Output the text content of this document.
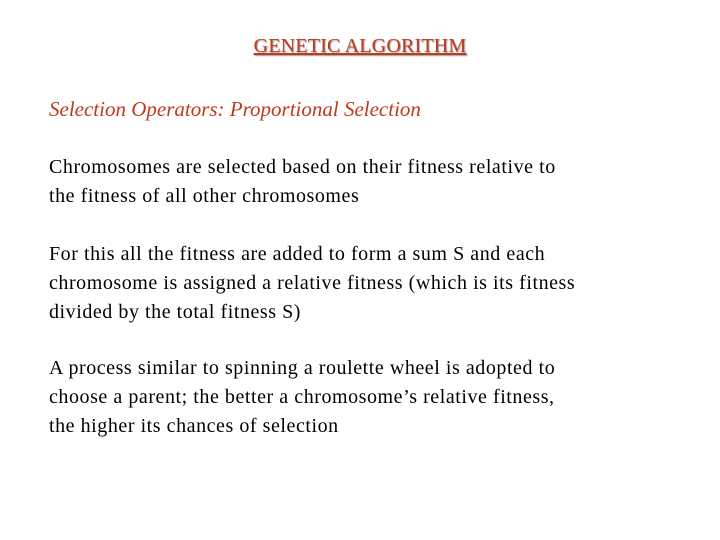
GENETIC ALGORITHM
Selection Operators: Proportional Selection
Chromosomes are selected based on their fitness relative to
the fitness of all other chromosomes
For this all the fitness are added to form a sum S and each
chromosome is assigned a relative fitness (which is its fitness
divided by the total fitness S)
A process similar to spinning a roulette wheel is adopted to
choose a parent; the better a chromosome’s relative fitness,
the higher its chances of selection
